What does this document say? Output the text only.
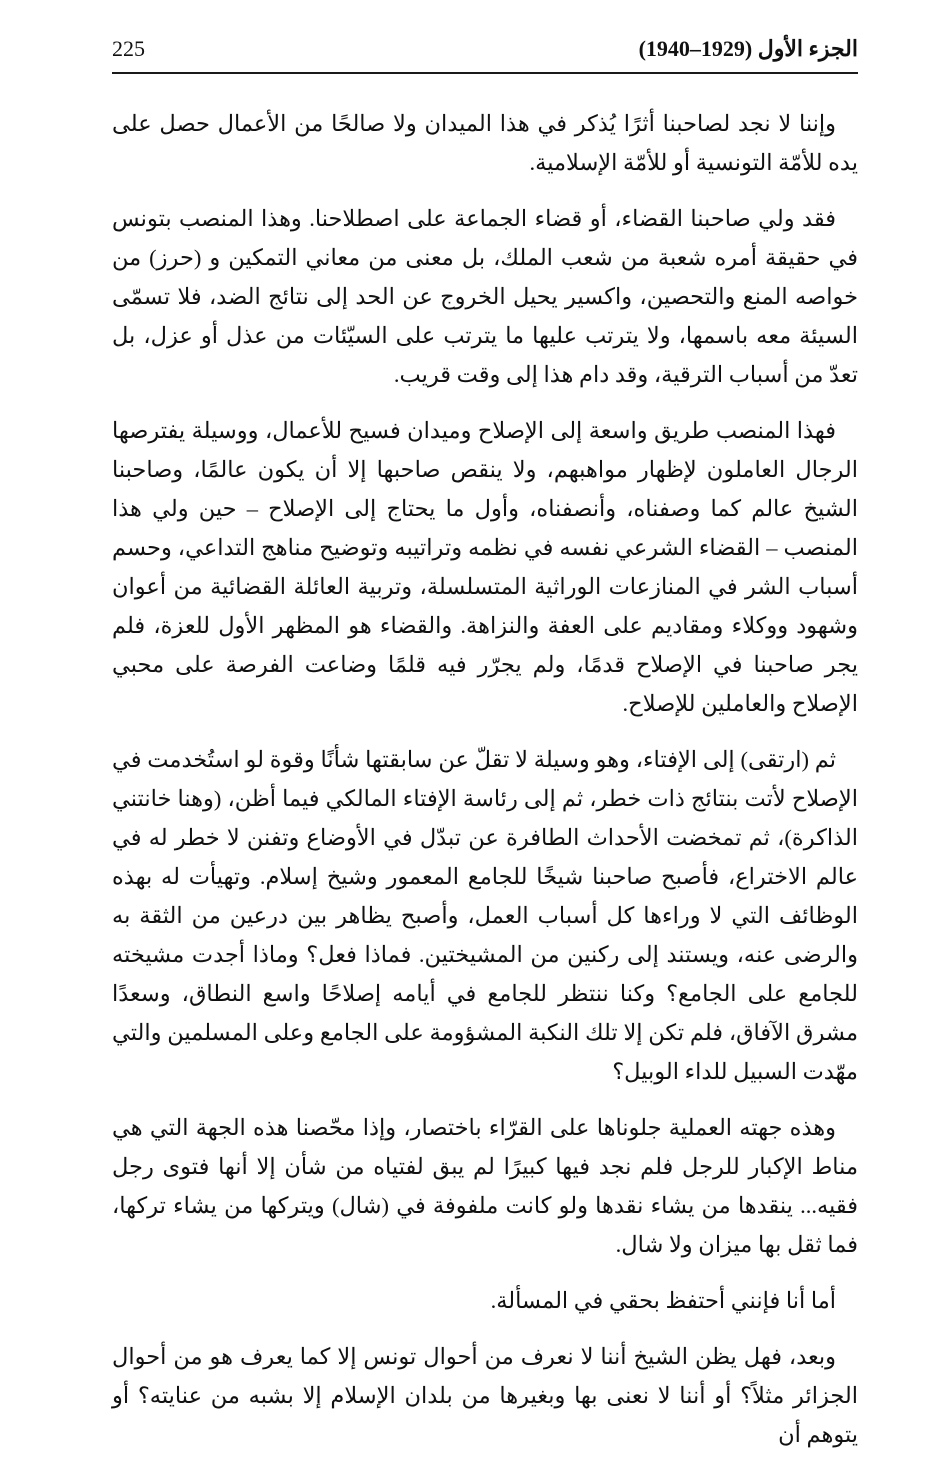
225	الجزء الأول (1929–1940)

وإننا لا نجد لصاحبنا أثرًا يُذكر في هذا الميدان ولا صالحًا من الأعمال حصل على يده للأمّة التونسية أو للأمّة الإسلامية.

فقد ولي صاحبنا القضاء، أو قضاء الجماعة على اصطلاحنا. وهذا المنصب بتونس في حقيقة أمره شعبة من شعب الملك، بل معنى من معاني التمكين و (حرز) من خواصه المنع والتحصين، واكسير يحيل الخروج عن الحد إلى نتائج الضد، فلا تسمّى السيئة معه باسمها، ولا يترتب عليها ما يترتب على السيّئات من عذل أو عزل، بل تعدّ من أسباب الترقية، وقد دام هذا إلى وقت قريب.

فهذا المنصب طريق واسعة إلى الإصلاح وميدان فسيح للأعمال، ووسيلة يفترصها الرجال العاملون لإظهار مواهبهم، ولا ينقص صاحبها إلا أن يكون عالمًا، وصاحبنا الشيخ عالم كما وصفناه، وأنصفناه، وأول ما يحتاج إلى الإصلاح – حين ولي هذا المنصب – القضاء الشرعي نفسه في نظمه وتراتيبه وتوضيح مناهج التداعي، وحسم أسباب الشر في المنازعات الوراثية المتسلسلة، وتربية العائلة القضائية من أعوان وشهود ووكلاء ومقاديم على العفة والنزاهة. والقضاء هو المظهر الأول للعزة، فلم يجر صاحبنا في الإصلاح قدمًا، ولم يجرّر فيه قلمًا وضاعت الفرصة على محبي الإصلاح والعاملين للإصلاح.

ثم (ارتقى) إلى الإفتاء، وهو وسيلة لا تقلّ عن سابقتها شأنًا وقوة لو استُخدمت في الإصلاح لأتت بنتائج ذات خطر، ثم إلى رئاسة الإفتاء المالكي فيما أظن، (وهنا خانتني الذاكرة)، ثم تمخضت الأحداث الطافرة عن تبدّل في الأوضاع وتفنن لا خطر له في عالم الاختراع، فأصبح صاحبنا شيخًا للجامع المعمور وشيخ إسلام. وتهيأت له بهذه الوظائف التي لا وراءها كل أسباب العمل، وأصبح يظاهر بين درعين من الثقة به والرضى عنه، ويستند إلى ركنين من المشيختين. فماذا فعل؟ وماذا أجدت مشيخته للجامع على الجامع؟ وكنا ننتظر للجامع في أيامه إصلاحًا واسع النطاق، وسعدًا مشرق الآفاق، فلم تكن إلا تلك النكبة المشؤومة على الجامع وعلى المسلمين والتي مهّدت السبيل للداء الوبيل؟

وهذه جهته العملية جلوناها على القرّاء باختصار، وإذا محّصنا هذه الجهة التي هي مناط الإكبار للرجل فلم نجد فيها كبيرًا لم يبق لفتياه من شأن إلا أنها فتوى رجل فقيه... ينقدها من يشاء نقدها ولو كانت ملفوفة في (شال) ويتركها من يشاء تركها، فما ثقل بها ميزان ولا شال.

أما أنا فإنني أحتفظ بحقي في المسألة.

وبعد، فهل يظن الشيخ أننا لا نعرف من أحوال تونس إلا كما يعرف هو من أحوال الجزائر مثلاً؟ أو أننا لا نعنى بها وبغيرها من بلدان الإسلام إلا بشبه من عنايته؟ أو يتوهم أن
